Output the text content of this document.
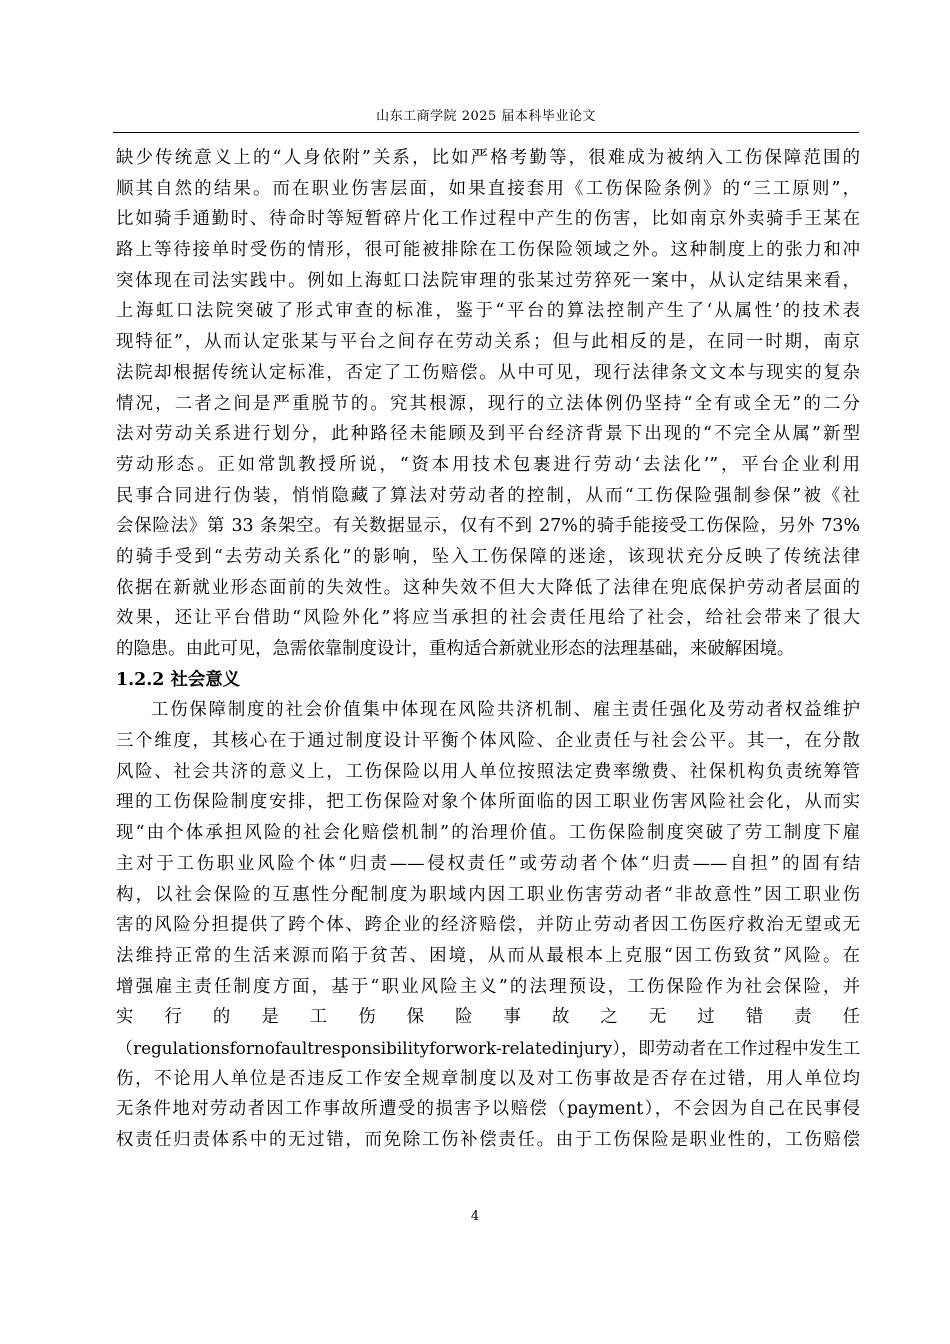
山东工商学院 2025 届本科毕业论文
缺少传统意义上的“人身依附”关系，比如严格考勤等，很难成为被纳入工伤保障范围的
顺其自然的结果。而在职业伤害层面，如果直接套用《工伤保险条例》的“三工原则”，
比如骑手通勤时、待命时等短暂碎片化工作过程中产生的伤害，比如南京外卖骑手王某在
路上等待接单时受伤的情形，很可能被排除在工伤保险领域之外。这种制度上的张力和冲
突体现在司法实践中。例如上海虹口法院审理的张某过劳猝死一案中，从认定结果来看，
上海虹口法院突破了形式审查的标准，鉴于“平台的算法控制产生了‘从属性’的技术表
现特征”，从而认定张某与平台之间存在劳动关系；但与此相反的是，在同一时期，南京
法院却根据传统认定标准，否定了工伤赔偿。从中可见，现行法律条文文本与现实的复杂
情况，二者之间是严重脱节的。究其根源，现行的立法体例仍坚持“全有或全无”的二分
法对劳动关系进行划分，此种路径未能顾及到平台经济背景下出现的“不完全从属”新型
劳动形态。正如常凯教授所说，“资本用技术包裹进行劳动‘去法化’”，平台企业利用
民事合同进行伪装，悄悄隐藏了算法对劳动者的控制，从而“工伤保险强制参保”被《社
会保险法》第 33 条架空。有关数据显示，仅有不到 27%的骑手能接受工伤保险，另外 73%
的骑手受到“去劳动关系化”的影响，坠入工伤保障的迷途，该现状充分反映了传统法律
依据在新就业形态面前的失效性。这种失效不但大大降低了法律在兜底保护劳动者层面的
效果，还让平台借助“风险外化”将应当承担的社会责任甩给了社会，给社会带来了很大
的隐患。由此可见，急需依靠制度设计，重构适合新就业形态的法理基础，来破解困境。
1.2.2 社会意义
工伤保障制度的社会价值集中体现在风险共济机制、雇主责任强化及劳动者权益维护
三个维度，其核心在于通过制度设计平衡个体风险、企业责任与社会公平。其一，在分散
风险、社会共济的意义上，工伤保险以用人单位按照法定费率缴费、社保机构负责统筹管
理的工伤保险制度安排，把工伤保险对象个体所面临的因工职业伤害风险社会化，从而实
现“由个体承担风险的社会化赔偿机制”的治理价值。工伤保险制度突破了劳工制度下雇
主对于工伤职业风险个体“归责——侵权责任”或劳动者个体“归责——自担”的固有结
构，以社会保险的互惠性分配制度为职域内因工职业伤害劳动者“非故意性”因工职业伤
害的风险分担提供了跨个体、跨企业的经济赔偿，并防止劳动者因工伤医疗救治无望或无
法维持正常的生活来源而陷于贫苦、困境，从而从最根本上克服“因工伤致贫”风险。在
增强雇主责任制度方面，基于“职业风险主义”的法理预设，工伤保险作为社会保险，并
实行的是工伤保险事故之无过错责任
（regulationsfornofaultresponsibilityforwork-relatedinjury），即劳动者在工作过程中发生工
伤，不论用人单位是否违反工作安全规章制度以及对工伤事故是否存在过错，用人单位均
无条件地对劳动者因工作事故所遭受的损害予以赔偿（payment），不会因为自己在民事侵
权责任归责体系中的无过错，而免除工伤补偿责任。由于工伤保险是职业性的，工伤赔偿
4
